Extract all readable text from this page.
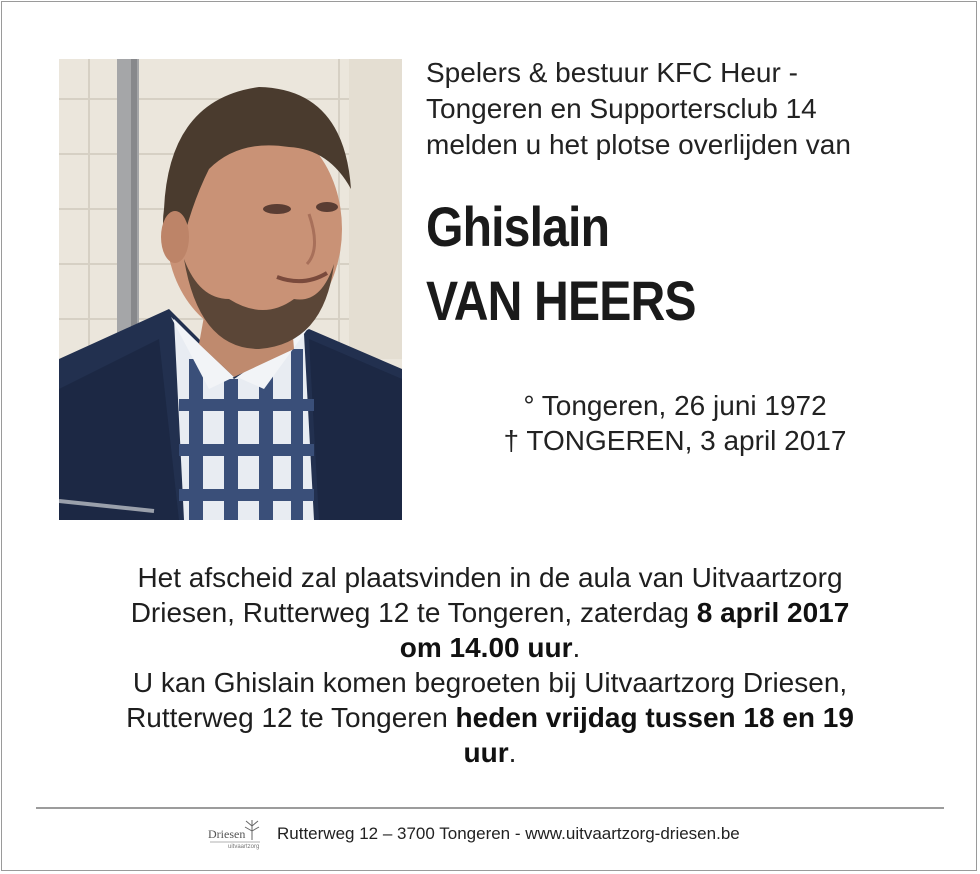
Spelers & bestuur KFC Heur -
Tongeren en Supportersclub 14
melden u het plotse overlijden van
Ghislain
VAN HEERS
° Tongeren, 26 juni 1972
† TONGEREN, 3 april 2017
Het afscheid zal plaatsvinden in de aula van Uitvaartzorg
Driesen, Rutterweg 12 te Tongeren, zaterdag 8 april 2017
om 14.00 uur.
U kan Ghislain komen begroeten bij Uitvaartzorg Driesen,
Rutterweg 12 te Tongeren heden vrijdag tussen 18 en 19
uur.
Driesen
uitvaartzorg
Rutterweg 12 – 3700 Tongeren - www.uitvaartzorg-driesen.be
